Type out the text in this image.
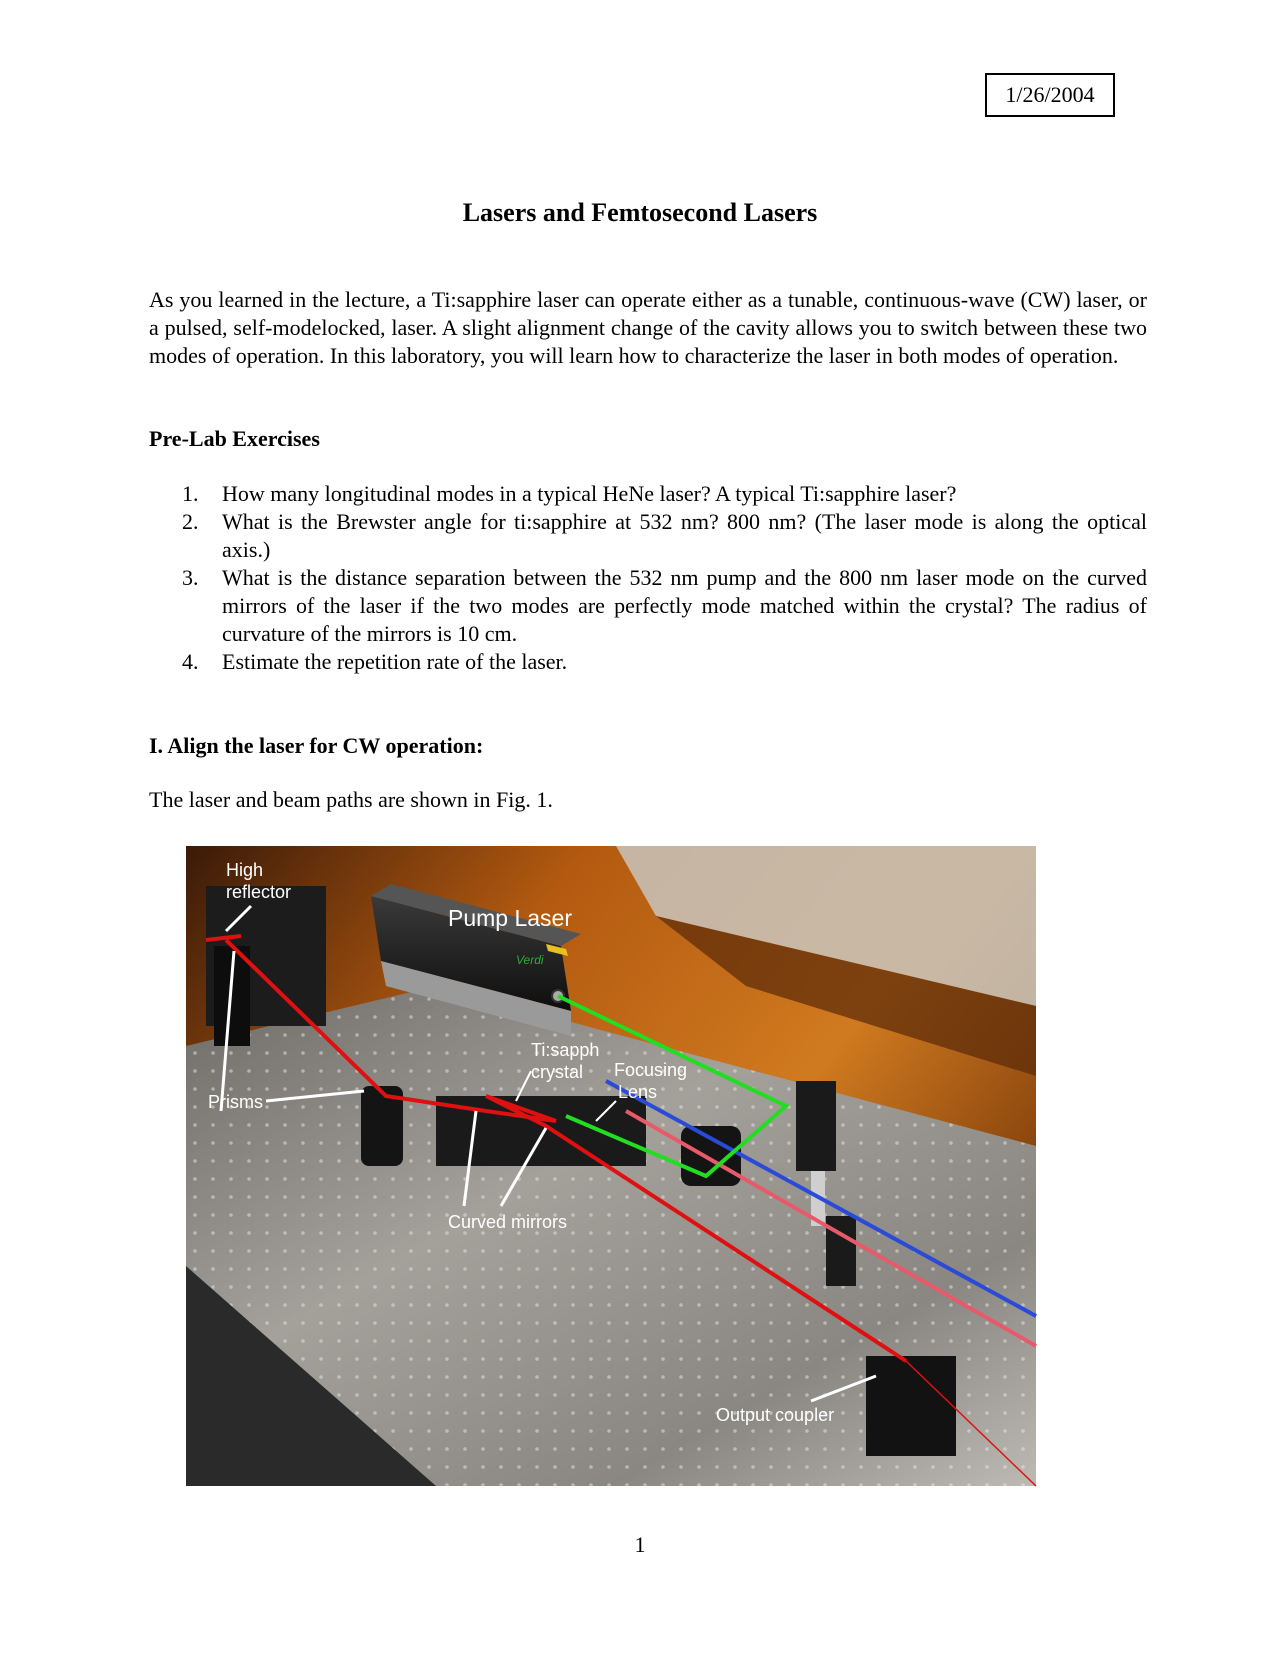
1/26/2004
Lasers and Femtosecond Lasers

As you learned in the lecture, a Ti:sapphire laser can operate either as a tunable, continuous-wave (CW) laser, or a pulsed, self-modelocked, laser. A slight alignment change of the cavity allows you to switch between these two modes of operation. In this laboratory, you will learn how to characterize the laser in both modes of operation.

Pre-Lab Exercises

1. How many longitudinal modes in a typical HeNe laser? A typical Ti:sapphire laser?
2. What is the Brewster angle for ti:sapphire at 532 nm? 800 nm? (The laser mode is along the optical axis.)
3. What is the distance separation between the 532 nm pump and the 800 nm laser mode on the curved mirrors of the laser if the two modes are perfectly mode matched within the crystal? The radius of curvature of the mirrors is 10 cm.
4. Estimate the repetition rate of the laser.

I. Align the laser for CW operation:

The laser and beam paths are shown in Fig. 1.

Verdi
High
reflector
Pump Laser
Ti:sapph
crystal Focusing
Lens
Prisms
Curved mirrors
Output coupler
1
